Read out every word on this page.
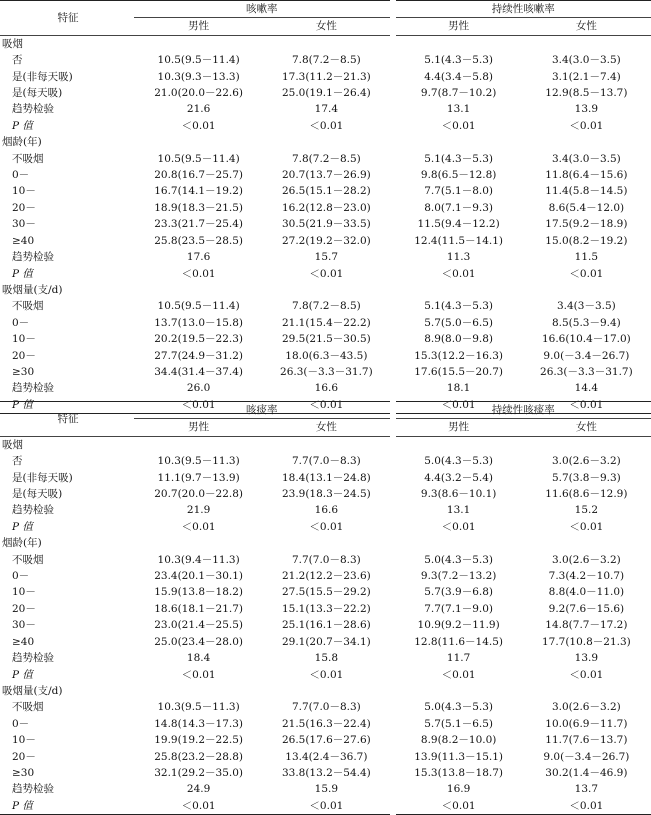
特征	咳嗽率		持续性咳嗽率	
	男性	女性	男性	女性
吸烟				
否	10.5(9.5－11.4)	7.8(7.2－8.5)	5.1(4.3－5.3)	3.4(3.0－3.5)
是(非每天吸)	10.3(9.3－13.3)	17.3(11.2－21.3)	4.4(3.4－5.8)	3.1(2.1－7.4)
是(每天吸)	21.0(20.0－22.6)	25.0(19.1－26.4)	9.7(8.7－10.2)	12.9(8.5－13.7)
趋势检验	21.6	17.4	13.1	13.9
P 值	＜0.01	＜0.01	＜0.01	＜0.01
烟龄(年)				
不吸烟	10.5(9.5－11.4)	7.8(7.2－8.5)	5.1(4.3－5.3)	3.4(3.0－3.5)
0－	20.8(16.7－25.7)	20.7(13.7－26.9)	9.8(6.5－12.8)	11.8(6.4－15.6)
10－	16.7(14.1－19.2)	26.5(15.1－28.2)	7.7(5.1－8.0)	11.4(5.8－14.5)
20－	18.9(18.3－21.5)	16.2(12.8－23.0)	8.0(7.1－9.3)	8.6(5.4－12.0)
30－	23.3(21.7－25.4)	30.5(21.9－33.5)	11.5(9.4－12.2)	17.5(9.2－18.9)
≥40	25.8(23.5－28.5)	27.2(19.2－32.0)	12.4(11.5－14.1)	15.0(8.2－19.2)
趋势检验	17.6	15.7	11.3	11.5
P 值	＜0.01	＜0.01	＜0.01	＜0.01
吸烟量(支/d)				
不吸烟	10.5(9.5－11.4)	7.8(7.2－8.5)	5.1(4.3－5.3)	3.4(3－3.5)
0－	13.7(13.0－15.8)	21.1(15.4－22.2)	5.7(5.0－6.5)	8.5(5.3－9.4)
10－	20.2(19.5－22.3)	29.5(21.5－30.5)	8.9(8.0－9.8)	16.6(10.4－17.0)
20－	27.7(24.9－31.2)	18.0(6.3－43.5)	15.3(12.2－16.3)	9.0(－3.4－26.7)
≥30	34.4(31.4－37.4)	26.3(－3.3－31.7)	17.6(15.5－20.7)	26.3(－3.3－31.7)
趋势检验	26.0	16.6	18.1	14.4
P 值	＜0.01	＜0.01	＜0.01	＜0.01
特征	咳痰率		持续性咳痰率	
	男性	女性	男性	女性
吸烟				
否	10.3(9.5－11.3)	7.7(7.0－8.3)	5.0(4.3－5.3)	3.0(2.6－3.2)
是(非每天吸)	11.1(9.7－13.9)	18.4(13.1－24.8)	4.4(3.2－5.4)	5.7(3.8－9.3)
是(每天吸)	20.7(20.0－22.8)	23.9(18.3－24.5)	9.3(8.6－10.1)	11.6(8.6－12.9)
趋势检验	21.9	16.6	13.1	15.2
P 值	＜0.01	＜0.01	＜0.01	＜0.01
烟龄(年)				
不吸烟	10.3(9.4－11.3)	7.7(7.0－8.3)	5.0(4.3－5.3)	3.0(2.6－3.2)
0－	23.4(20.1－30.1)	21.2(12.2－23.6)	9.3(7.2－13.2)	7.3(4.2－10.7)
10－	15.9(13.8－18.2)	27.5(15.5－29.2)	5.7(3.9－6.8)	8.8(4.0－11.0)
20－	18.6(18.1－21.7)	15.1(13.3－22.2)	7.7(7.1－9.0)	9.2(7.6－15.6)
30－	23.0(21.4－25.5)	25.1(16.1－28.6)	10.9(9.2－11.9)	14.8(7.7－17.2)
≥40	25.0(23.4－28.0)	29.1(20.7－34.1)	12.8(11.6－14.5)	17.7(10.8－21.3)
趋势检验	18.4	15.8	11.7	13.9
P 值	＜0.01	＜0.01	＜0.01	＜0.01
吸烟量(支/d)				
不吸烟	10.3(9.5－11.3)	7.7(7.0－8.3)	5.0(4.3－5.3)	3.0(2.6－3.2)
0－	14.8(14.3－17.3)	21.5(16.3－22.4)	5.7(5.1－6.5)	10.0(6.9－11.7)
10－	19.9(19.2－22.5)	26.5(17.6－27.6)	8.9(8.2－10.0)	11.7(7.6－13.7)
20－	25.8(23.2－28.8)	13.4(2.4－36.7)	13.9(11.3－15.1)	9.0(－3.4－26.7)
≥30	32.1(29.2－35.0)	33.8(13.2－54.4)	15.3(13.8－18.7)	30.2(1.4－46.9)
趋势检验	24.9	15.9	16.9	13.7
P 值	＜0.01	＜0.01	＜0.01	＜0.01
